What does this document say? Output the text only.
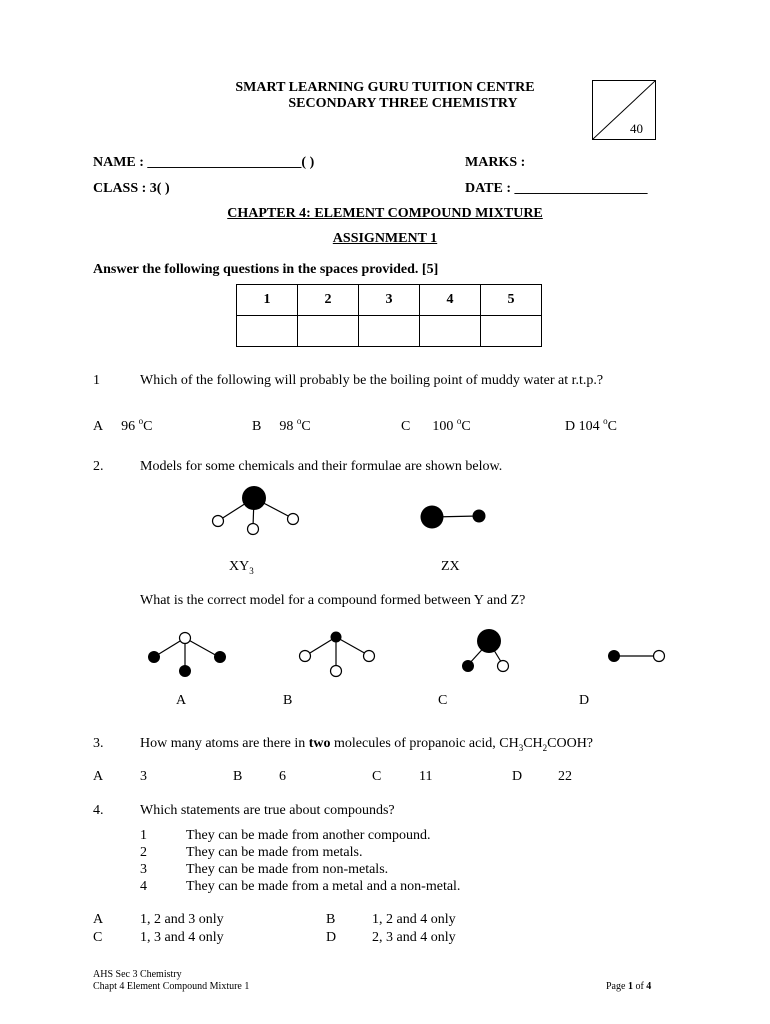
SMART LEARNING GURU TUITION CENTRE
SECONDARY THREE CHEMISTRY
40
NAME : ______________________( )	MARKS :
CLASS : 3( )	DATE : ___________________
CHAPTER 4: ELEMENT COMPOUND MIXTURE
ASSIGNMENT 1
Answer the following questions in the spaces provided. [5]
1	2	3	4	5

1	Which of the following will probably be the boiling point of muddy water at r.t.p.?
A 96 $^o$C	B 98 $^o$C	C 100 $^o$C	D 104 $^o$C
2.	Models for some chemicals and their formulae are shown below.
$XY_3$	ZX
What is the correct model for a compound formed between Y and Z?
A	B	C	D
3.	How many atoms are there in two molecules of propanoic acid, $CH_3CH_2COOH$?
A	3	B	6	C	11	D	22
4.	Which statements are true about compounds?
1	They can be made from another compound.
2	They can be made from metals.
3	They can be made from non-metals.
4	They can be made from a metal and a non-metal.
A	1, 2 and 3 only	B	1, 2 and 4 only
C	1, 3 and 4 only	D	2, 3 and 4 only
AHS Sec 3 Chemistry
Chapt 4 Element Compound Mixture 1	Page 1 of 4
